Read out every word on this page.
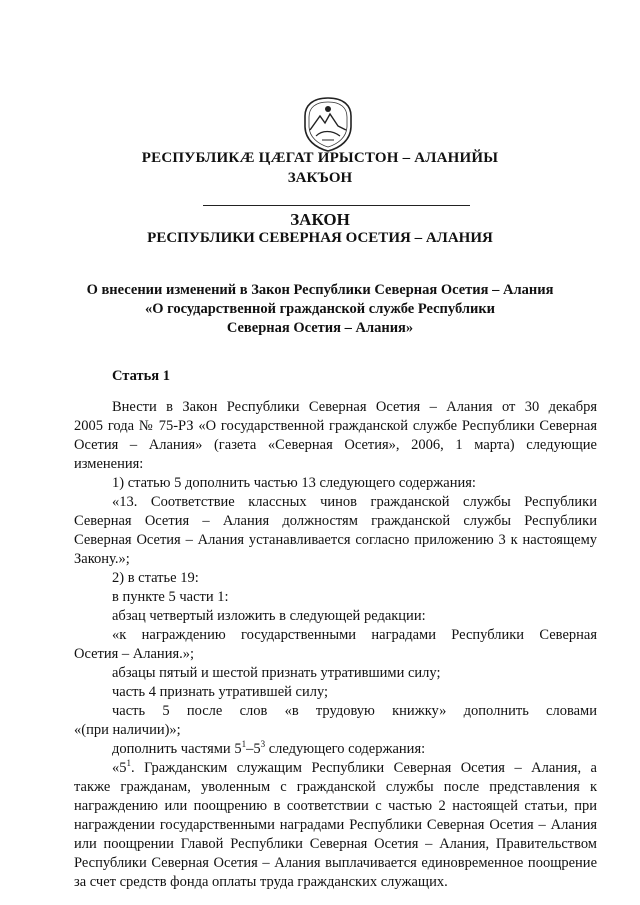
РЕСПУБЛИКӔ ЦӔГАТ ИРЫСТОН – АЛАНИЙЫ
ЗАКЪОН
ЗАКОН
РЕСПУБЛИКИ СЕВЕРНАЯ ОСЕТИЯ – АЛАНИЯ
О внесении изменений в Закон Республики Северная Осетия – Алания
«О государственной гражданской службе Республики
Северная Осетия – Алания»
Статья 1

Внести в Закон Республики Северная Осетия – Алания от 30 декабря

2005 года № 75-РЗ «О государственной гражданской службе Республики Северная

Осетия – Алания» (газета «Северная Осетия», 2006, 1 марта) следующие

изменения:

1) статью 5 дополнить частью 13 следующего содержания:

«13. Соответствие классных чинов гражданской службы Республики

Северная Осетия – Алания должностям гражданской службы Республики

Северная Осетия – Алания устанавливается согласно приложению 3 к настоящему

Закону.»;

2) в статье 19:

в пункте 5 части 1:

абзац четвертый изложить в следующей редакции:

«к награждению государственными наградами Республики Северная

Осетия – Алания.»;

абзацы пятый и шестой признать утратившими силу;

часть 4 признать утратившей силу;

часть 5 после слов «в трудовую книжку» дополнить словами

«(при наличии)»;

дополнить частями $5^1-5^3$ следующего содержания:

«$5^1$. Гражданским служащим Республики Северная Осетия – Алания, а

также гражданам, уволенным с гражданской службы после представления к

награждению или поощрению в соответствии с частью 2 настоящей статьи, при

награждении государственными наградами Республики Северная Осетия – Алания

или поощрении Главой Республики Северная Осетия – Алания, Правительством

Республики Северная Осетия – Алания выплачивается единовременное поощрение

за счет средств фонда оплаты труда гражданских служащих.
